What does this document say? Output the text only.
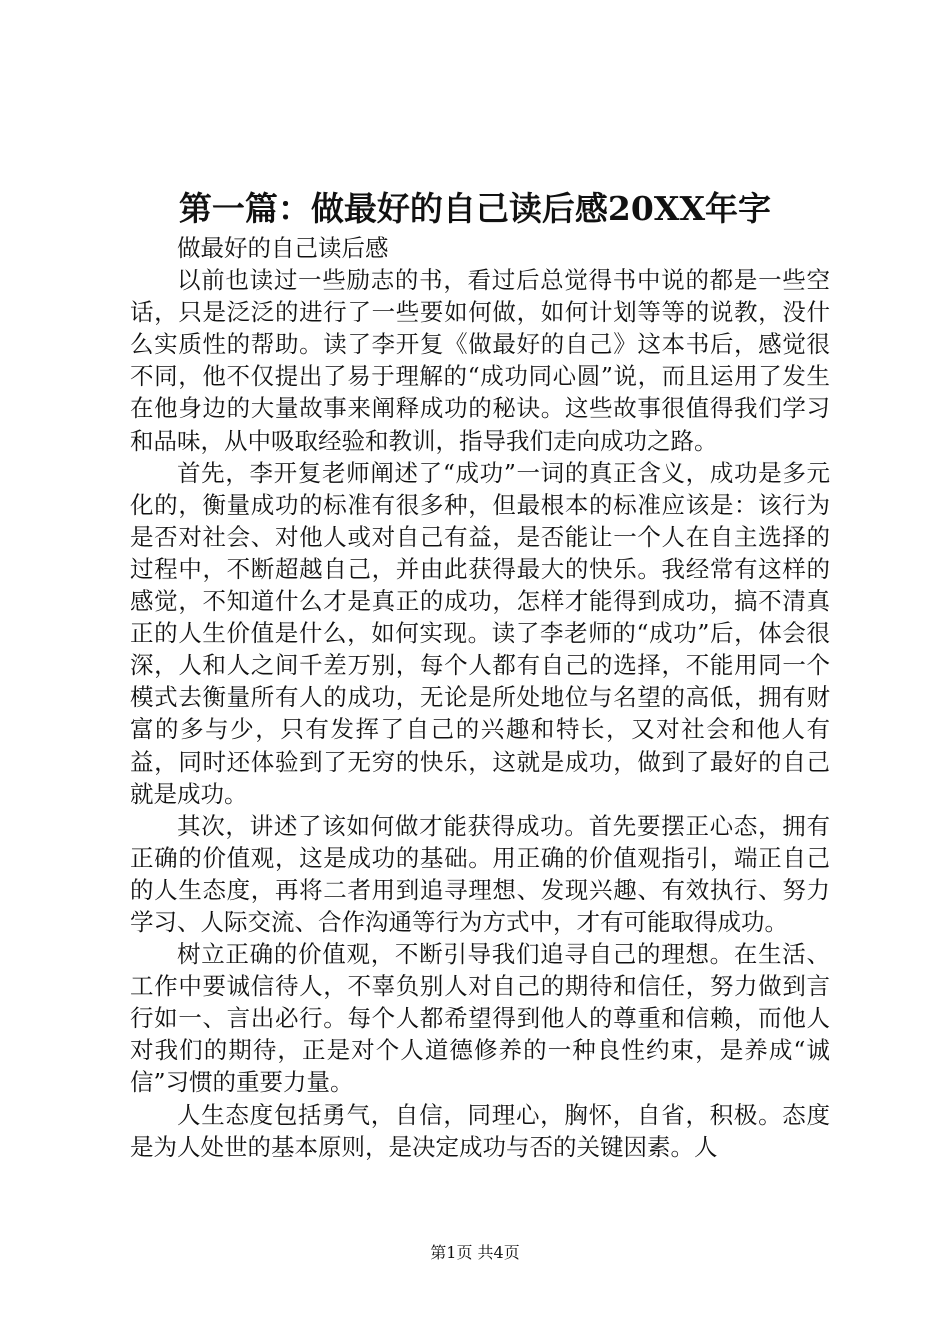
第一篇：做最好的自己读后感20XX年字

做最好的自己读后感

以前也读过一些励志的书，看过后总觉得书中说的都是一些空话，只是泛泛的进行了一些要如何做，如何计划等等的说教，没什么实质性的帮助。读了李开复《做最好的自己》这本书后，感觉很不同，他不仅提出了易于理解的“成功同心圆”说，而且运用了发生在他身边的大量故事来阐释成功的秘诀。这些故事很值得我们学习和品味，从中吸取经验和教训，指导我们走向成功之路。

首先，李开复老师阐述了“成功”一词的真正含义，成功是多元化的，衡量成功的标准有很多种，但最根本的标准应该是：该行为是否对社会、对他人或对自己有益，是否能让一个人在自主选择的过程中，不断超越自己，并由此获得最大的快乐。我经常有这样的感觉，不知道什么才是真正的成功，怎样才能得到成功，搞不清真正的人生价值是什么，如何实现。读了李老师的“成功”后，体会很深，人和人之间千差万别，每个人都有自己的选择，不能用同一个模式去衡量所有人的成功，无论是所处地位与名望的高低，拥有财富的多与少，只有发挥了自己的兴趣和特长，又对社会和他人有益，同时还体验到了无穷的快乐，这就是成功，做到了最好的自己就是成功。

其次，讲述了该如何做才能获得成功。首先要摆正心态，拥有正确的价值观，这是成功的基础。用正确的价值观指引，端正自己的人生态度，再将二者用到追寻理想、发现兴趣、有效执行、努力学习、人际交流、合作沟通等行为方式中，才有可能取得成功。

树立正确的价值观，不断引导我们追寻自己的理想。在生活、工作中要诚信待人，不辜负别人对自己的期待和信任，努力做到言行如一、言出必行。每个人都希望得到他人的尊重和信赖，而他人对我们的期待，正是对个人道德修养的一种良性约束，是养成“诚信”习惯的重要力量。

人生态度包括勇气，自信，同理心，胸怀，自省，积极。态度是为人处世的基本原则，是决定成功与否的关键因素。人

第1页 共4页
